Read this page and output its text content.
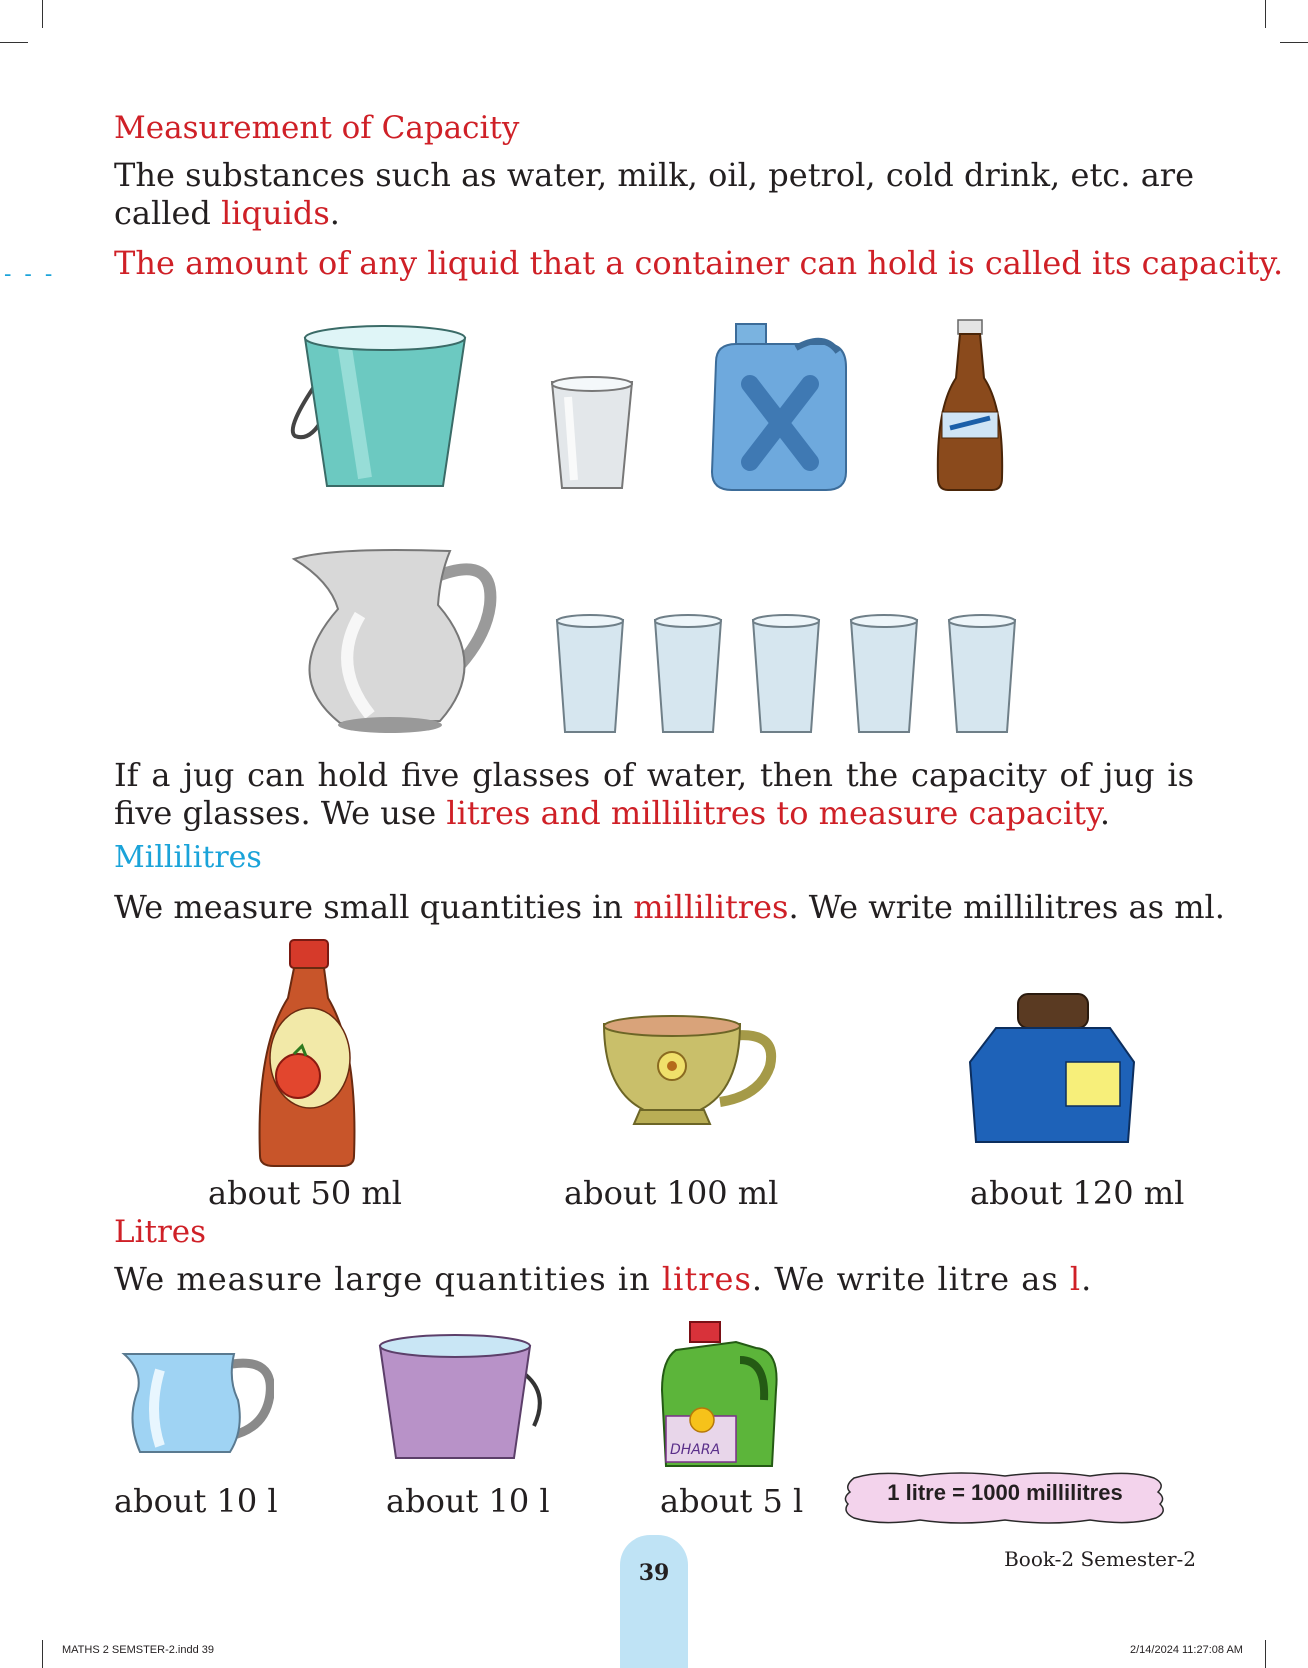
- - -
Measurement of Capacity
The substances such as water, milk, oil, petrol, cold drink, etc. are called liquids.
The amount of any liquid that a container can hold is called its capacity.
If a jug can hold five glasses of water, then the capacity of jug is five glasses. We use litres and millilitres to measure capacity.
Millilitres
We measure small quantities in millilitres. We write millilitres as ml.
about 50 ml	about 100 ml	about 120 ml
Litres
We measure large quantities in litres. We write litre as l.
DHARA
about 10 l	about 10 l	about 5 l	1 litre = 1000 millilitres
39
Book-2 Semester-2
MATHS 2 SEMSTER-2.indd 39	2/14/2024 11:27:08 AM
